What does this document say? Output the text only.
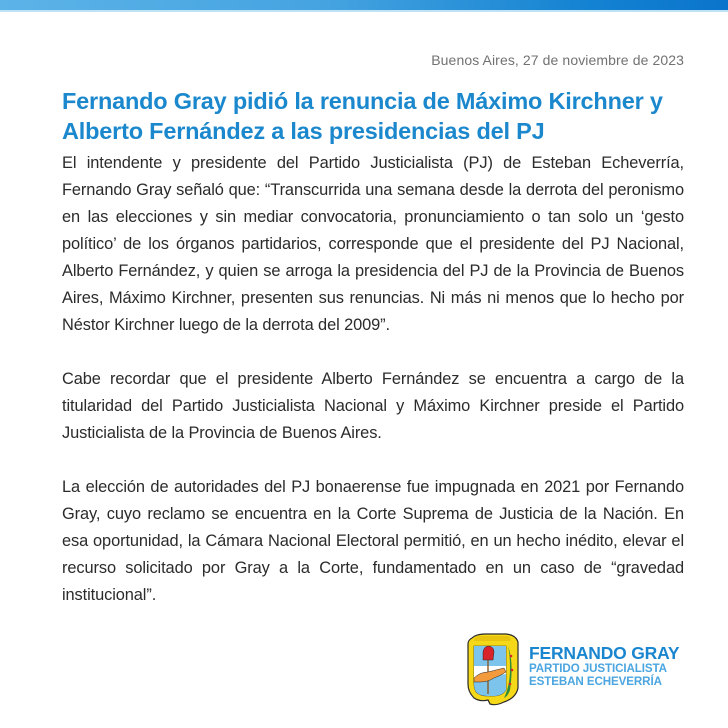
Buenos Aires, 27 de noviembre de 2023
Fernando Gray pidió la renuncia de Máximo Kirchner y Alberto Fernández a las presidencias del PJ

El intendente y presidente del Partido Justicialista (PJ) de Esteban Echeverría, Fernando Gray señaló que: “Transcurrida una semana desde la derrota del peronismo en las elecciones y sin mediar convocatoria, pronunciamiento o tan solo un ‘gesto político’ de los órganos partidarios, corresponde que el presidente del PJ Nacional, Alberto Fernández, y quien se arroga la presidencia del PJ de la Provincia de Buenos Aires, Máximo Kirchner, presenten sus renuncias. Ni más ni menos que lo hecho por Néstor Kirchner luego de la derrota del 2009”.

Cabe recordar que el presidente Alberto Fernández se encuentra a cargo de la titularidad del Partido Justicialista Nacional y Máximo Kirchner preside el Partido Justicialista de la Provincia de Buenos Aires.

La elección de autoridades del PJ bonaerense fue impugnada en 2021 por Fernando Gray, cuyo reclamo se encuentra en la Corte Suprema de Justicia de la Nación. En esa oportunidad, la Cámara Nacional Electoral permitió, en un hecho inédito, elevar el recurso solicitado por Gray a la Corte, fundamentado en un caso de “gravedad institucional”.

FERNANDO GRAY
PARTIDO JUSTICIALISTA
ESTEBAN ECHEVERRÍA
